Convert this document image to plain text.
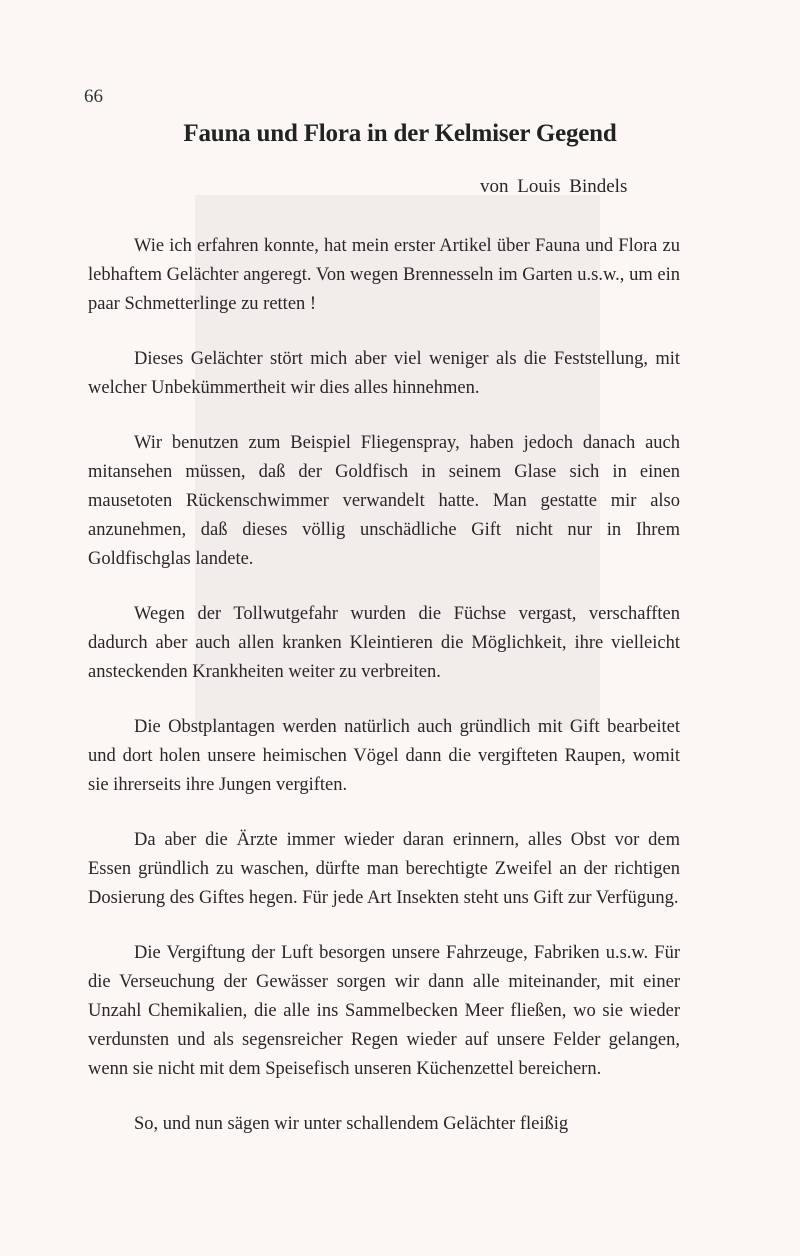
66
Fauna und Flora in der Kelmiser Gegend
von Louis Bindels

Wie ich erfahren konnte, hat mein erster Artikel über Fauna und Flora zu lebhaftem Gelächter angeregt. Von wegen Brennesseln im Garten u.s.w., um ein paar Schmetterlinge zu retten !

Dieses Gelächter stört mich aber viel weniger als die Feststellung, mit welcher Unbekümmertheit wir dies alles hinnehmen.

Wir benutzen zum Beispiel Fliegenspray, haben jedoch danach auch mitansehen müssen, daß der Goldfisch in seinem Glase sich in einen mausetoten Rückenschwimmer verwandelt hatte. Man gestatte mir also anzunehmen, daß dieses völlig unschädliche Gift nicht nur in Ihrem Goldfischglas landete.

Wegen der Tollwutgefahr wurden die Füchse vergast, verschafften dadurch aber auch allen kranken Kleintieren die Möglichkeit, ihre vielleicht ansteckenden Krankheiten weiter zu verbreiten.

Die Obstplantagen werden natürlich auch gründlich mit Gift bearbeitet und dort holen unsere heimischen Vögel dann die vergifteten Raupen, womit sie ihrerseits ihre Jungen vergiften.

Da aber die Ärzte immer wieder daran erinnern, alles Obst vor dem Essen gründlich zu waschen, dürfte man berechtigte Zweifel an der richtigen Dosierung des Giftes hegen. Für jede Art Insekten steht uns Gift zur Verfügung.

Die Vergiftung der Luft besorgen unsere Fahrzeuge, Fabriken u.s.w. Für die Verseuchung der Gewässer sorgen wir dann alle miteinander, mit einer Unzahl Chemikalien, die alle ins Sammelbecken Meer fließen, wo sie wieder verdunsten und als segensreicher Regen wieder auf unsere Felder gelangen, wenn sie nicht mit dem Speisefisch unseren Küchenzettel bereichern.

So, und nun sägen wir unter schallendem Gelächter fleißig
